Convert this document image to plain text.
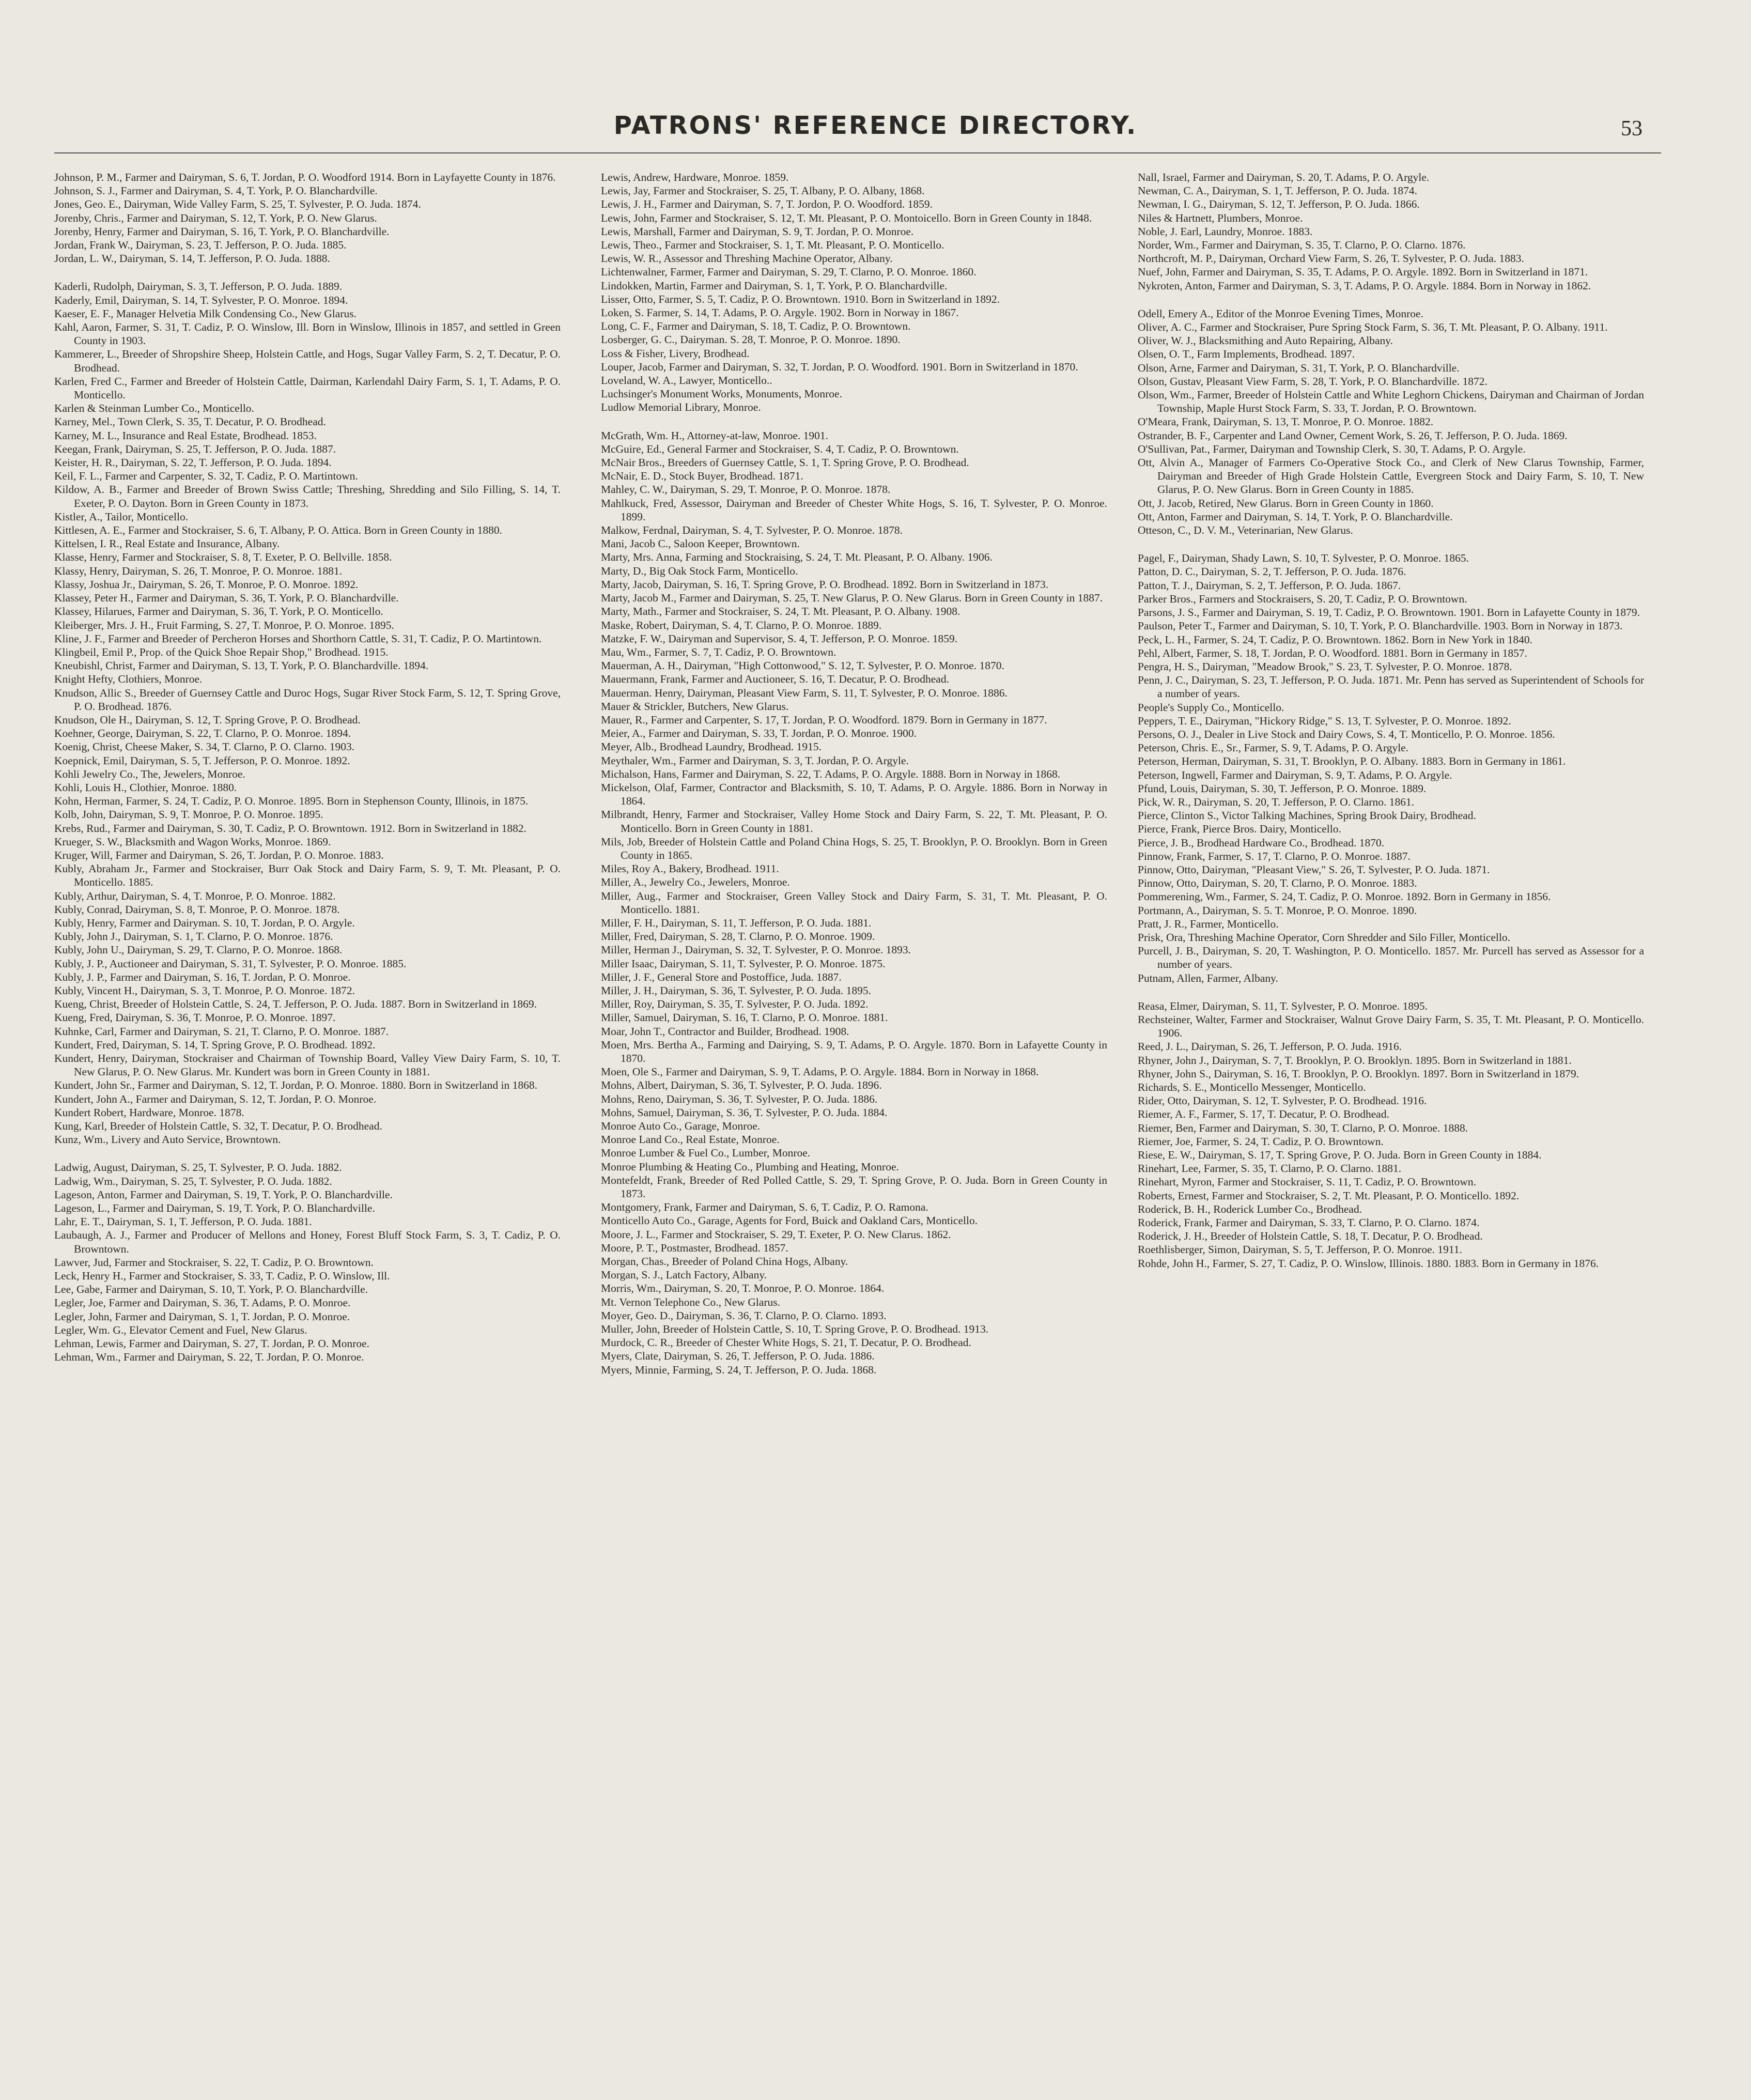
PATRONS' REFERENCE DIRECTORY.	53

Johnson, P. M., Farmer and Dairyman, S. 6, T. Jordan, P. O. Woodford 1914. Born in Layfayette County in 1876.

Johnson, S. J., Farmer and Dairyman, S. 4, T. York, P. O. Blanchardville.

Jones, Geo. E., Dairyman, Wide Valley Farm, S. 25, T. Sylvester, P. O. Juda. 1874.

Jorenby, Chris., Farmer and Dairyman, S. 12, T. York, P. O. New Glarus.

Jorenby, Henry, Farmer and Dairyman, S. 16, T. York, P. O. Blanchardville.

Jordan, Frank W., Dairyman, S. 23, T. Jefferson, P. O. Juda. 1885.

Jordan, L. W., Dairyman, S. 14, T. Jefferson, P. O. Juda. 1888.

Kaderli, Rudolph, Dairyman, S. 3, T. Jefferson, P. O. Juda. 1889.

Kaderly, Emil, Dairyman, S. 14, T. Sylvester, P. O. Monroe. 1894.

Kaeser, E. F., Manager Helvetia Milk Condensing Co., New Glarus.

Kahl, Aaron, Farmer, S. 31, T. Cadiz, P. O. Winslow, Ill. Born in Winslow, Illinois in 1857, and settled in Green County in 1903.

Kammerer, L., Breeder of Shropshire Sheep, Holstein Cattle, and Hogs, Sugar Valley Farm, S. 2, T. Decatur, P. O. Brodhead.

Karlen, Fred C., Farmer and Breeder of Holstein Cattle, Dairman, Karlendahl Dairy Farm, S. 1, T. Adams, P. O. Monticello.

Karlen & Steinman Lumber Co., Monticello.

Karney, Mel., Town Clerk, S. 35, T. Decatur, P. O. Brodhead.

Karney, M. L., Insurance and Real Estate, Brodhead. 1853.

Keegan, Frank, Dairyman, S. 25, T. Jefferson, P. O. Juda. 1887.

Keister, H. R., Dairyman, S. 22, T. Jefferson, P. O. Juda. 1894.

Keil, F. L., Farmer and Carpenter, S. 32, T. Cadiz, P. O. Martintown.

Kildow, A. B., Farmer and Breeder of Brown Swiss Cattle; Threshing, Shredding and Silo Filling, S. 14, T. Exeter, P. O. Dayton. Born in Green County in 1873.

Kistler, A., Tailor, Monticello.

Kittlesen, A. E., Farmer and Stockraiser, S. 6, T. Albany, P. O. Attica. Born in Green County in 1880.

Kittelsen, I. R., Real Estate and Insurance, Albany.

Klasse, Henry, Farmer and Stockraiser, S. 8, T. Exeter, P. O. Bellville. 1858.

Klassy, Henry, Dairyman, S. 26, T. Monroe, P. O. Monroe. 1881.

Klassy, Joshua Jr., Dairyman, S. 26, T. Monroe, P. O. Monroe. 1892.

Klassey, Peter H., Farmer and Dairyman, S. 36, T. York, P. O. Blanchardville.

Klassey, Hilarues, Farmer and Dairyman, S. 36, T. York, P. O. Monticello.

Kleiberger, Mrs. J. H., Fruit Farming, S. 27, T. Monroe, P. O. Monroe. 1895.

Kline, J. F., Farmer and Breeder of Percheron Horses and Shorthorn Cattle, S. 31, T. Cadiz, P. O. Martintown.

Klingbeil, Emil P., Prop. of the Quick Shoe Repair Shop," Brodhead. 1915.

Kneubishl, Christ, Farmer and Dairyman, S. 13, T. York, P. O. Blanchardville. 1894.

Knight Hefty, Clothiers, Monroe.

Knudson, Allic S., Breeder of Guernsey Cattle and Duroc Hogs, Sugar River Stock Farm, S. 12, T. Spring Grove, P. O. Brodhead. 1876.

Knudson, Ole H., Dairyman, S. 12, T. Spring Grove, P. O. Brodhead.

Koehner, George, Dairyman, S. 22, T. Clarno, P. O. Monroe. 1894.

Koenig, Christ, Cheese Maker, S. 34, T. Clarno, P. O. Clarno. 1903.

Koepnick, Emil, Dairyman, S. 5, T. Jefferson, P. O. Monroe. 1892.

Kohli Jewelry Co., The, Jewelers, Monroe.

Kohli, Louis H., Clothier, Monroe. 1880.

Kohn, Herman, Farmer, S. 24, T. Cadiz, P. O. Monroe. 1895. Born in Stephenson County, Illinois, in 1875.

Kolb, John, Dairyman, S. 9, T. Monroe, P. O. Monroe. 1895.

Krebs, Rud., Farmer and Dairyman, S. 30, T. Cadiz, P. O. Browntown. 1912. Born in Switzerland in 1882.

Krueger, S. W., Blacksmith and Wagon Works, Monroe. 1869.

Kruger, Will, Farmer and Dairyman, S. 26, T. Jordan, P. O. Monroe. 1883.

Kubly, Abraham Jr., Farmer and Stockraiser, Burr Oak Stock and Dairy Farm, S. 9, T. Mt. Pleasant, P. O. Monticello. 1885.

Kubly, Arthur, Dairyman, S. 4, T. Monroe, P. O. Monroe. 1882.

Kubly, Conrad, Dairyman, S. 8, T. Monroe, P. O. Monroe. 1878.

Kubly, Henry, Farmer and Dairyman. S. 10, T. Jordan, P. O. Argyle.

Kubly, John J., Dairyman, S. 1, T. Clarno, P. O. Monroe. 1876.

Kubly, John U., Dairyman, S. 29, T. Clarno, P. O. Monroe. 1868.

Kubly, J. P., Auctioneer and Dairyman, S. 31, T. Sylvester, P. O. Monroe. 1885.

Kubly, J. P., Farmer and Dairyman, S. 16, T. Jordan, P. O. Monroe.

Kubly, Vincent H., Dairyman, S. 3, T. Monroe, P. O. Monroe. 1872.

Kueng, Christ, Breeder of Holstein Cattle, S. 24, T. Jefferson, P. O. Juda. 1887. Born in Switzerland in 1869.

Kueng, Fred, Dairyman, S. 36, T. Monroe, P. O. Monroe. 1897.

Kuhnke, Carl, Farmer and Dairyman, S. 21, T. Clarno, P. O. Monroe. 1887.

Kundert, Fred, Dairyman, S. 14, T. Spring Grove, P. O. Brodhead. 1892.

Kundert, Henry, Dairyman, Stockraiser and Chairman of Township Board, Valley View Dairy Farm, S. 10, T. New Glarus, P. O. New Glarus. Mr. Kundert was born in Green County in 1881.

Kundert, John Sr., Farmer and Dairyman, S. 12, T. Jordan, P. O. Monroe. 1880. Born in Switzerland in 1868.

Kundert, John A., Farmer and Dairyman, S. 12, T. Jordan, P. O. Monroe.

Kundert Robert, Hardware, Monroe. 1878.

Kung, Karl, Breeder of Holstein Cattle, S. 32, T. Decatur, P. O. Brodhead.

Kunz, Wm., Livery and Auto Service, Browntown.

Ladwig, August, Dairyman, S. 25, T. Sylvester, P. O. Juda. 1882.

Ladwig, Wm., Dairyman, S. 25, T. Sylvester, P. O. Juda. 1882.

Lageson, Anton, Farmer and Dairyman, S. 19, T. York, P. O. Blanchardville.

Lageson, L., Farmer and Dairyman, S. 19, T. York, P. O. Blanchardville.

Lahr, E. T., Dairyman, S. 1, T. Jefferson, P. O. Juda. 1881.

Laubaugh, A. J., Farmer and Producer of Mellons and Honey, Forest Bluff Stock Farm, S. 3, T. Cadiz, P. O. Browntown.

Lawver, Jud, Farmer and Stockraiser, S. 22, T. Cadiz, P. O. Browntown.

Leck, Henry H., Farmer and Stockraiser, S. 33, T. Cadiz, P. O. Winslow, Ill.

Lee, Gabe, Farmer and Dairyman, S. 10, T. York, P. O. Blanchardville.

Legler, Joe, Farmer and Dairyman, S. 36, T. Adams, P. O. Monroe.

Legler, John, Farmer and Dairyman, S. 1, T. Jordan, P. O. Monroe.

Legler, Wm. G., Elevator Cement and Fuel, New Glarus.

Lehman, Lewis, Farmer and Dairyman, S. 27, T. Jordan, P. O. Monroe.

Lehman, Wm., Farmer and Dairyman, S. 22, T. Jordan, P. O. Monroe.

Lewis, Andrew, Hardware, Monroe. 1859.

Lewis, Jay, Farmer and Stockraiser, S. 25, T. Albany, P. O. Albany, 1868.

Lewis, J. H., Farmer and Dairyman, S. 7, T. Jordon, P. O. Woodford. 1859.

Lewis, John, Farmer and Stockraiser, S. 12, T. Mt. Pleasant, P. O. Montoicello. Born in Green County in 1848.

Lewis, Marshall, Farmer and Dairyman, S. 9, T. Jordan, P. O. Monroe.

Lewis, Theo., Farmer and Stockraiser, S. 1, T. Mt. Pleasant, P. O. Monticello.

Lewis, W. R., Assessor and Threshing Machine Operator, Albany.

Lichtenwalner, Farmer, Farmer and Dairyman, S. 29, T. Clarno, P. O. Monroe. 1860.

Lindokken, Martin, Farmer and Dairyman, S. 1, T. York, P. O. Blanchardville.

Lisser, Otto, Farmer, S. 5, T. Cadiz, P. O. Browntown. 1910. Born in Switzerland in 1892.

Loken, S. Farmer, S. 14, T. Adams, P. O. Argyle. 1902. Born in Norway in 1867.

Long, C. F., Farmer and Dairyman, S. 18, T. Cadiz, P. O. Browntown.

Losberger, G. C., Dairyman. S. 28, T. Monroe, P. O. Monroe. 1890.

Loss & Fisher, Livery, Brodhead.

Louper, Jacob, Farmer and Dairyman, S. 32, T. Jordan, P. O. Woodford. 1901. Born in Switzerland in 1870.

Loveland, W. A., Lawyer, Monticello..

Luchsinger's Monument Works, Monuments, Monroe.

Ludlow Memorial Library, Monroe.

McGrath, Wm. H., Attorney-at-law, Monroe. 1901.

McGuire, Ed., General Farmer and Stockraiser, S. 4, T. Cadiz, P. O. Browntown.

McNair Bros., Breeders of Guernsey Cattle, S. 1, T. Spring Grove, P. O. Brodhead.

McNair, E. D., Stock Buyer, Brodhead. 1871.

Mahley, C. W., Dairyman, S. 29, T. Monroe, P. O. Monroe. 1878.

Mahlkuck, Fred, Assessor, Dairyman and Breeder of Chester White Hogs, S. 16, T. Sylvester, P. O. Monroe. 1899.

Malkow, Ferdnal, Dairyman, S. 4, T. Sylvester, P. O. Monroe. 1878.

Mani, Jacob C., Saloon Keeper, Browntown.

Marty, Mrs. Anna, Farming and Stockraising, S. 24, T. Mt. Pleasant, P. O. Albany. 1906.

Marty, D., Big Oak Stock Farm, Monticello.

Marty, Jacob, Dairyman, S. 16, T. Spring Grove, P. O. Brodhead. 1892. Born in Switzerland in 1873.

Marty, Jacob M., Farmer and Dairyman, S. 25, T. New Glarus, P. O. New Glarus. Born in Green County in 1887.

Marty, Math., Farmer and Stockraiser, S. 24, T. Mt. Pleasant, P. O. Albany. 1908.

Maske, Robert, Dairyman, S. 4, T. Clarno, P. O. Monroe. 1889.

Matzke, F. W., Dairyman and Supervisor, S. 4, T. Jefferson, P. O. Monroe. 1859.

Mau, Wm., Farmer, S. 7, T. Cadiz, P. O. Browntown.

Mauerman, A. H., Dairyman, "High Cottonwood," S. 12, T. Sylvester, P. O. Monroe. 1870.

Mauermann, Frank, Farmer and Auctioneer, S. 16, T. Decatur, P. O. Brodhead.

Mauerman. Henry, Dairyman, Pleasant View Farm, S. 11, T. Sylvester, P. O. Monroe. 1886.

Mauer & Strickler, Butchers, New Glarus.

Mauer, R., Farmer and Carpenter, S. 17, T. Jordan, P. O. Woodford. 1879. Born in Germany in 1877.

Meier, A., Farmer and Dairyman, S. 33, T. Jordan, P. O. Monroe. 1900.

Meyer, Alb., Brodhead Laundry, Brodhead. 1915.

Meythaler, Wm., Farmer and Dairyman, S. 3, T. Jordan, P. O. Argyle.

Michalson, Hans, Farmer and Dairyman, S. 22, T. Adams, P. O. Argyle. 1888. Born in Norway in 1868.

Mickelson, Olaf, Farmer, Contractor and Blacksmith, S. 10, T. Adams, P. O. Argyle. 1886. Born in Norway in 1864.

Milbrandt, Henry, Farmer and Stockraiser, Valley Home Stock and Dairy Farm, S. 22, T. Mt. Pleasant, P. O. Monticello. Born in Green County in 1881.

Mils, Job, Breeder of Holstein Cattle and Poland China Hogs, S. 25, T. Brooklyn, P. O. Brooklyn. Born in Green County in 1865.

Miles, Roy A., Bakery, Brodhead. 1911.

Miller, A., Jewelry Co., Jewelers, Monroe.

Miller, Aug., Farmer and Stockraiser, Green Valley Stock and Dairy Farm, S. 31, T. Mt. Pleasant, P. O. Monticello. 1881.

Miller, F. H., Dairyman, S. 11, T. Jefferson, P. O. Juda. 1881.

Miller, Fred, Dairyman, S. 28, T. Clarno, P. O. Monroe. 1909.

Miller, Herman J., Dairyman, S. 32, T. Sylvester, P. O. Monroe. 1893.

Miller Isaac, Dairyman, S. 11, T. Sylvester, P. O. Monroe. 1875.

Miller, J. F., General Store and Postoffice, Juda. 1887.

Miller, J. H., Dairyman, S. 36, T. Sylvester, P. O. Juda. 1895.

Miller, Roy, Dairyman, S. 35, T. Sylvester, P. O. Juda. 1892.

Miller, Samuel, Dairyman, S. 16, T. Clarno, P. O. Monroe. 1881.

Moar, John T., Contractor and Builder, Brodhead. 1908.

Moen, Mrs. Bertha A., Farming and Dairying, S. 9, T. Adams, P. O. Argyle. 1870. Born in Lafayette County in 1870.

Moen, Ole S., Farmer and Dairyman, S. 9, T. Adams, P. O. Argyle. 1884. Born in Norway in 1868.

Mohns, Albert, Dairyman, S. 36, T. Sylvester, P. O. Juda. 1896.

Mohns, Reno, Dairyman, S. 36, T. Sylvester, P. O. Juda. 1886.

Mohns, Samuel, Dairyman, S. 36, T. Sylvester, P. O. Juda. 1884.

Monroe Auto Co., Garage, Monroe.

Monroe Land Co., Real Estate, Monroe.

Monroe Lumber & Fuel Co., Lumber, Monroe.

Monroe Plumbing & Heating Co., Plumbing and Heating, Monroe.

Montefeldt, Frank, Breeder of Red Polled Cattle, S. 29, T. Spring Grove, P. O. Juda. Born in Green County in 1873.

Montgomery, Frank, Farmer and Dairyman, S. 6, T. Cadiz, P. O. Ramona.

Monticello Auto Co., Garage, Agents for Ford, Buick and Oakland Cars, Monticello.

Moore, J. L., Farmer and Stockraiser, S. 29, T. Exeter, P. O. New Clarus. 1862.

Moore, P. T., Postmaster, Brodhead. 1857.

Morgan, Chas., Breeder of Poland China Hogs, Albany.

Morgan, S. J., Latch Factory, Albany.

Morris, Wm., Dairyman, S. 20, T. Monroe, P. O. Monroe. 1864.

Mt. Vernon Telephone Co., New Glarus.

Moyer, Geo. D., Dairyman, S. 36, T. Clarno, P. O. Clarno. 1893.

Muller, John, Breeder of Holstein Cattle, S. 10, T. Spring Grove, P. O. Brodhead. 1913.

Murdock, C. R., Breeder of Chester White Hogs, S. 21, T. Decatur, P. O. Brodhead.

Myers, Clate, Dairyman, S. 26, T. Jefferson, P. O. Juda. 1886.

Myers, Minnie, Farming, S. 24, T. Jefferson, P. O. Juda. 1868.

Nall, Israel, Farmer and Dairyman, S. 20, T. Adams, P. O. Argyle.

Newman, C. A., Dairyman, S. 1, T. Jefferson, P. O. Juda. 1874.

Newman, I. G., Dairyman, S. 12, T. Jefferson, P. O. Juda. 1866.

Niles & Hartnett, Plumbers, Monroe.

Noble, J. Earl, Laundry, Monroe. 1883.

Norder, Wm., Farmer and Dairyman, S. 35, T. Clarno, P. O. Clarno. 1876.

Northcroft, M. P., Dairyman, Orchard View Farm, S. 26, T. Sylvester, P. O. Juda. 1883.

Nuef, John, Farmer and Dairyman, S. 35, T. Adams, P. O. Argyle. 1892. Born in Switzerland in 1871.

Nykroten, Anton, Farmer and Dairyman, S. 3, T. Adams, P. O. Argyle. 1884. Born in Norway in 1862.

Odell, Emery A., Editor of the Monroe Evening Times, Monroe.

Oliver, A. C., Farmer and Stockraiser, Pure Spring Stock Farm, S. 36, T. Mt. Pleasant, P. O. Albany. 1911.

Oliver, W. J., Blacksmithing and Auto Repairing, Albany.

Olsen, O. T., Farm Implements, Brodhead. 1897.

Olson, Arne, Farmer and Dairyman, S. 31, T. York, P. O. Blanchardville.

Olson, Gustav, Pleasant View Farm, S. 28, T. York, P. O. Blanchardville. 1872.

Olson, Wm., Farmer, Breeder of Holstein Cattle and White Leghorn Chickens, Dairyman and Chairman of Jordan Township, Maple Hurst Stock Farm, S. 33, T. Jordan, P. O. Browntown.

O'Meara, Frank, Dairyman, S. 13, T. Monroe, P. O. Monroe. 1882.

Ostrander, B. F., Carpenter and Land Owner, Cement Work, S. 26, T. Jefferson, P. O. Juda. 1869.

O'Sullivan, Pat., Farmer, Dairyman and Township Clerk, S. 30, T. Adams, P. O. Argyle.

Ott, Alvin A., Manager of Farmers Co-Operative Stock Co., and Clerk of New Clarus Township, Farmer, Dairyman and Breeder of High Grade Holstein Cattle, Evergreen Stock and Dairy Farm, S. 10, T. New Glarus, P. O. New Glarus. Born in Green County in 1885.

Ott, J. Jacob, Retired, New Glarus. Born in Green County in 1860.

Ott, Anton, Farmer and Dairyman, S. 14, T. York, P. O. Blanchardville.

Otteson, C., D. V. M., Veterinarian, New Glarus.

Pagel, F., Dairyman, Shady Lawn, S. 10, T. Sylvester, P. O. Monroe. 1865.

Patton, D. C., Dairyman, S. 2, T. Jefferson, P. O. Juda. 1876.

Patton, T. J., Dairyman, S. 2, T. Jefferson, P. O. Juda. 1867.

Parker Bros., Farmers and Stockraisers, S. 20, T. Cadiz, P. O. Browntown.

Parsons, J. S., Farmer and Dairyman, S. 19, T. Cadiz, P. O. Browntown. 1901. Born in Lafayette County in 1879.

Paulson, Peter T., Farmer and Dairyman, S. 10, T. York, P. O. Blanchardville. 1903. Born in Norway in 1873.

Peck, L. H., Farmer, S. 24, T. Cadiz, P. O. Browntown. 1862. Born in New York in 1840.

Pehl, Albert, Farmer, S. 18, T. Jordan, P. O. Woodford. 1881. Born in Germany in 1857.

Pengra, H. S., Dairyman, "Meadow Brook," S. 23, T. Sylvester, P. O. Monroe. 1878.

Penn, J. C., Dairyman, S. 23, T. Jefferson, P. O. Juda. 1871. Mr. Penn has served as Superintendent of Schools for a number of years.

People's Supply Co., Monticello.

Peppers, T. E., Dairyman, "Hickory Ridge," S. 13, T. Sylvester, P. O. Monroe. 1892.

Persons, O. J., Dealer in Live Stock and Dairy Cows, S. 4, T. Monticello, P. O. Monroe. 1856.

Peterson, Chris. E., Sr., Farmer, S. 9, T. Adams, P. O. Argyle.

Peterson, Herman, Dairyman, S. 31, T. Brooklyn, P. O. Albany. 1883. Born in Germany in 1861.

Peterson, Ingwell, Farmer and Dairyman, S. 9, T. Adams, P. O. Argyle.

Pfund, Louis, Dairyman, S. 30, T. Jefferson, P. O. Monroe. 1889.

Pick, W. R., Dairyman, S. 20, T. Jefferson, P. O. Clarno. 1861.

Pierce, Clinton S., Victor Talking Machines, Spring Brook Dairy, Brodhead.

Pierce, Frank, Pierce Bros. Dairy, Monticello.

Pierce, J. B., Brodhead Hardware Co., Brodhead. 1870.

Pinnow, Frank, Farmer, S. 17, T. Clarno, P. O. Monroe. 1887.

Pinnow, Otto, Dairyman, "Pleasant View," S. 26, T. Sylvester, P. O. Juda. 1871.

Pinnow, Otto, Dairyman, S. 20, T. Clarno, P. O. Monroe. 1883.

Pommerening, Wm., Farmer, S. 24, T. Cadiz, P. O. Monroe. 1892. Born in Germany in 1856.

Portmann, A., Dairyman, S. 5. T. Monroe, P. O. Monroe. 1890.

Pratt, J. R., Farmer, Monticello.

Prisk, Ora, Threshing Machine Operator, Corn Shredder and Silo Filler, Monticello.

Purcell, J. B., Dairyman, S. 20, T. Washington, P. O. Monticello. 1857. Mr. Purcell has served as Assessor for a number of years.

Putnam, Allen, Farmer, Albany.

Reasa, Elmer, Dairyman, S. 11, T. Sylvester, P. O. Monroe. 1895.

Rechsteiner, Walter, Farmer and Stockraiser, Walnut Grove Dairy Farm, S. 35, T. Mt. Pleasant, P. O. Monticello. 1906.

Reed, J. L., Dairyman, S. 26, T. Jefferson, P. O. Juda. 1916.

Rhyner, John J., Dairyman, S. 7, T. Brooklyn, P. O. Brooklyn. 1895. Born in Switzerland in 1881.

Rhyner, John S., Dairyman, S. 16, T. Brooklyn, P. O. Brooklyn. 1897. Born in Switzerland in 1879.

Richards, S. E., Monticello Messenger, Monticello.

Rider, Otto, Dairyman, S. 12, T. Sylvester, P. O. Brodhead. 1916.

Riemer, A. F., Farmer, S. 17, T. Decatur, P. O. Brodhead.

Riemer, Ben, Farmer and Dairyman, S. 30, T. Clarno, P. O. Monroe. 1888.

Riemer, Joe, Farmer, S. 24, T. Cadiz, P. O. Browntown.

Riese, E. W., Dairyman, S. 17, T. Spring Grove, P. O. Juda. Born in Green County in 1884.

Rinehart, Lee, Farmer, S. 35, T. Clarno, P. O. Clarno. 1881.

Rinehart, Myron, Farmer and Stockraiser, S. 11, T. Cadiz, P. O. Browntown.

Roberts, Ernest, Farmer and Stockraiser, S. 2, T. Mt. Pleasant, P. O. Monticello. 1892.

Roderick, B. H., Roderick Lumber Co., Brodhead.

Roderick, Frank, Farmer and Dairyman, S. 33, T. Clarno, P. O. Clarno. 1874.

Roderick, J. H., Breeder of Holstein Cattle, S. 18, T. Decatur, P. O. Brodhead.

Roethlisberger, Simon, Dairyman, S. 5, T. Jefferson, P. O. Monroe. 1911.

Rohde, John H., Farmer, S. 27, T. Cadiz, P. O. Winslow, Illinois. 1880. 1883. Born in Germany in 1876.
